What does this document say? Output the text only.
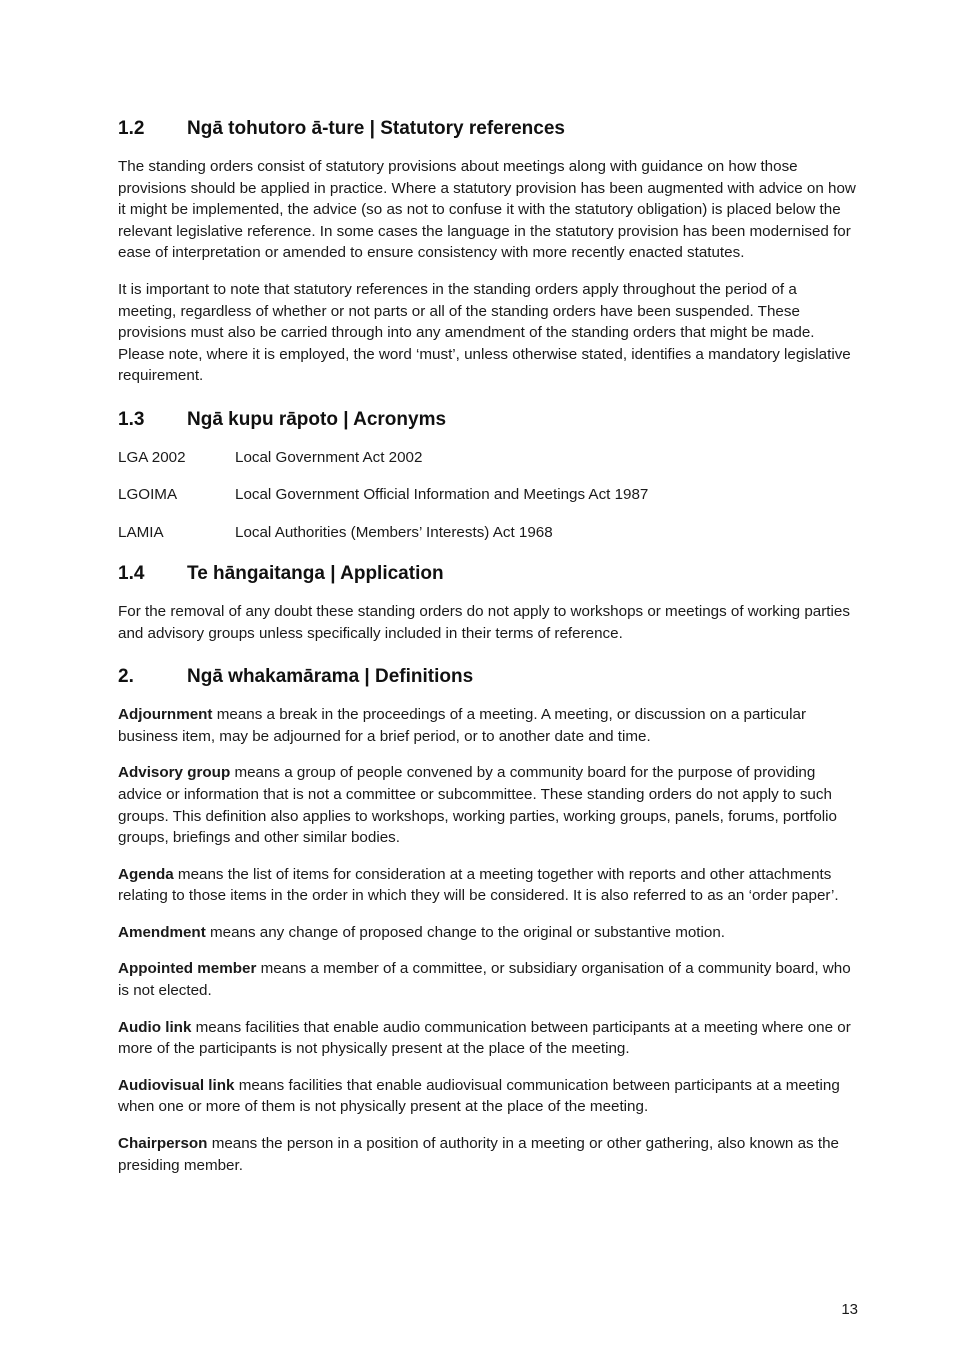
1.2	Ngā tohutoro ā-ture | Statutory references

The standing orders consist of statutory provisions about meetings along with guidance on how those provisions should be applied in practice. Where a statutory provision has been augmented with advice on how it might be implemented, the advice (so as not to confuse it with the statutory obligation) is placed below the relevant legislative reference. In some cases the language in the statutory provision has been modernised for ease of interpretation or amended to ensure consistency with more recently enacted statutes.

It is important to note that statutory references in the standing orders apply throughout the period of a meeting, regardless of whether or not parts or all of the standing orders have been suspended. These provisions must also be carried through into any amendment of the standing orders that might be made. Please note, where it is employed, the word ‘must’, unless otherwise stated, identifies a mandatory legislative requirement.

1.3	Ngā kupu rāpoto | Acronyms
LGA 2002	Local Government Act 2002
LGOIMA	Local Government Official Information and Meetings Act 1987
LAMIA	Local Authorities (Members’ Interests) Act 1968
1.4	Te hāngaitanga | Application

For the removal of any doubt these standing orders do not apply to workshops or meetings of working parties and advisory groups unless specifically included in their terms of reference.

2.	Ngā whakamārama | Definitions

Adjournment means a break in the proceedings of a meeting. A meeting, or discussion on a particular business item, may be adjourned for a brief period, or to another date and time.

Advisory group means a group of people convened by a community board for the purpose of providing advice or information that is not a committee or subcommittee. These standing orders do not apply to such groups. This definition also applies to workshops, working parties, working groups, panels, forums, portfolio groups, briefings and other similar bodies.

Agenda means the list of items for consideration at a meeting together with reports and other attachments relating to those items in the order in which they will be considered. It is also referred to as an ‘order paper’.

Amendment means any change of proposed change to the original or substantive motion.

Appointed member means a member of a committee, or subsidiary organisation of a community board, who is not elected.

Audio link means facilities that enable audio communication between participants at a meeting where one or more of the participants is not physically present at the place of the meeting.

Audiovisual link means facilities that enable audiovisual communication between participants at a meeting when one or more of them is not physically present at the place of the meeting.

Chairperson means the person in a position of authority in a meeting or other gathering, also known as the presiding member.

13
